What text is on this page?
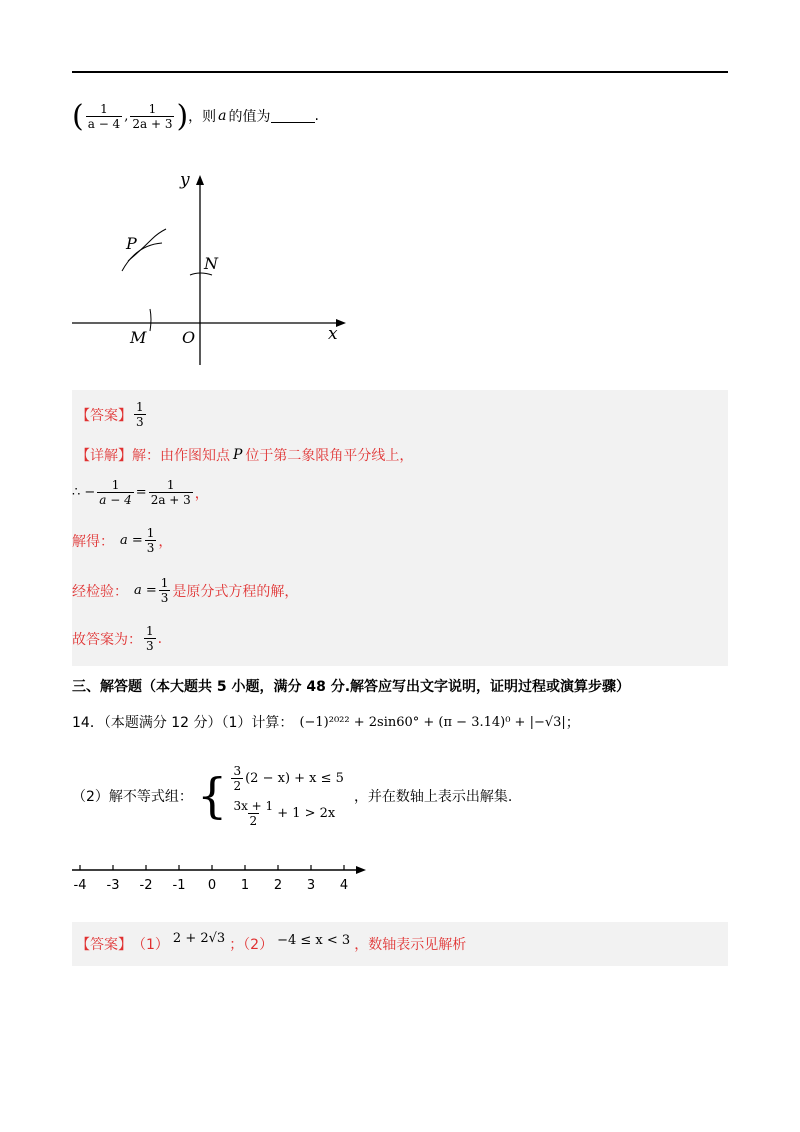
( $\frac{1}{a - 4}$ , $\frac{1}{2a + 3}$ ) ，则 a 的值为	.
y
x
P
N
M O
【答案】 $\frac{1}{3}$
【详解】 解：由作图知点 P 位于第二象限角平分线上，
∴ − $\frac{1}{a - 4} = \frac{1}{2a + 3}$ ，
解得： $a = \frac{1}{3}$ ，
经检验： $a = \frac{1}{3}$ 是原分式方程的解，
故答案为： $\frac{1}{3}$ .
三、解答题（本大题共 5 小题，满分 48 分.解答应写出文字说明，证明过程或演算步骤）
14．（本题满分 12 分）（1）计算： (−1)²⁰²² + 2sin60° + (π − 3.14)⁰ + |−√3| ；
（2）解不等式组： { $\frac{3}{2} (2 - x) + x \le 5$
$\frac{3x + 1}{2} + 1 > 2x$
，并在数轴上表示出解集.
-4 -3 -2 -1 0 1 2 3 4
【答案】 （1） 2 + 2√3 ；（2） −4 ≤ x < 3 ，数轴表示见解析
